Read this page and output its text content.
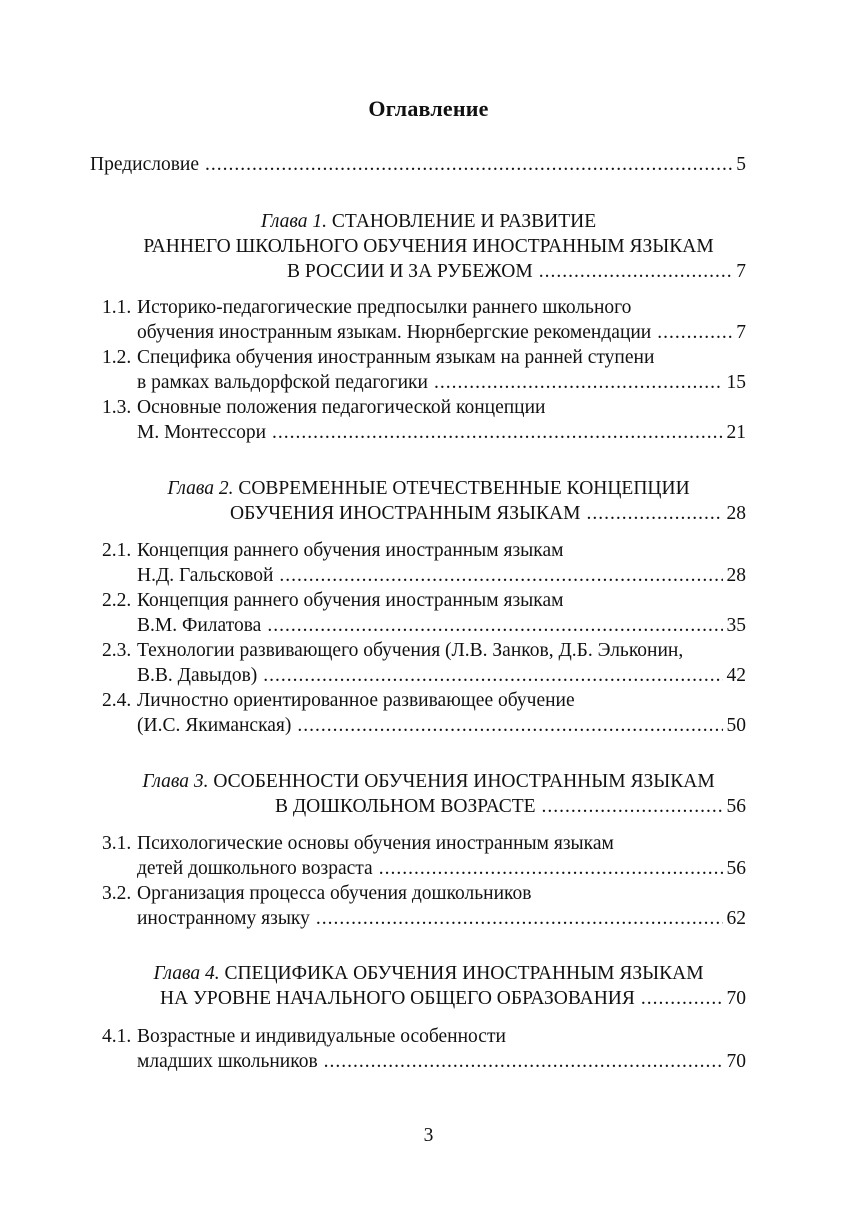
Оглавление
Предисловие .....	5
Глава 1. СТАНОВЛЕНИЕ И РАЗВИТИЕ
РАННЕГО ШКОЛЬНОГО ОБУЧЕНИЯ ИНОСТРАННЫМ ЯЗЫКАМ
В РОССИИ И ЗА РУБЕЖОМ .....	7
1.1. Историко-педагогические предпосылки раннего школьного
обучения иностранным языкам. Нюрнбергские рекомендации .....	7
1.2. Специфика обучения иностранным языкам на ранней ступени
в рамках вальдорфской педагогики .....	15
1.3. Основные положения педагогической концепции
М. Монтессори .....	21
Глава 2. СОВРЕМЕННЫЕ ОТЕЧЕСТВЕННЫЕ КОНЦЕПЦИИ
ОБУЧЕНИЯ ИНОСТРАННЫМ ЯЗЫКАМ .....	28
2.1. Концепция раннего обучения иностранным языкам
Н.Д. Гальсковой .....	28
2.2. Концепция раннего обучения иностранным языкам
В.М. Филатова .....	35
2.3. Технологии развивающего обучения (Л.В. Занков, Д.Б. Эльконин,
В.В. Давыдов) .....	42
2.4. Личностно ориентированное развивающее обучение
(И.С. Якиманская) .....	50
Глава 3. ОСОБЕННОСТИ ОБУЧЕНИЯ ИНОСТРАННЫМ ЯЗЫКАМ
В ДОШКОЛЬНОМ ВОЗРАСТЕ .....	56
3.1. Психологические основы обучения иностранным языкам
детей дошкольного возраста .....	56
3.2. Организация процесса обучения дошкольников
иностранному языку .....	62
Глава 4. СПЕЦИФИКА ОБУЧЕНИЯ ИНОСТРАННЫМ ЯЗЫКАМ
НА УРОВНЕ НАЧАЛЬНОГО ОБЩЕГО ОБРАЗОВАНИЯ .....	70
4.1. Возрастные и индивидуальные особенности
младших школьников .....	70
3
